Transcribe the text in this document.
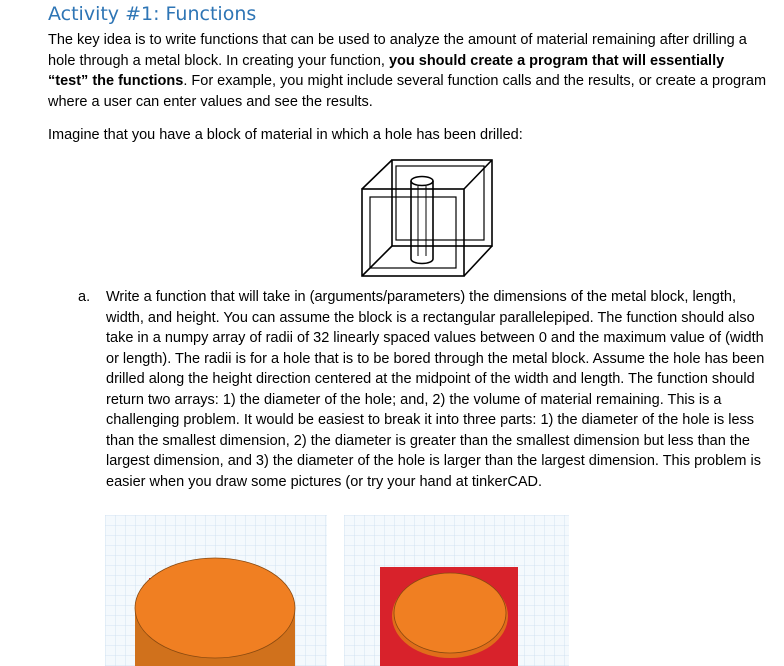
Activity #1: Functions
The key idea is to write functions that can be used to analyze the amount of material remaining after drilling a hole through a metal block. In creating your function, you should create a program that will essentially “test” the functions. For example, you might include several function calls and the results, or create a program where a user can enter values and see the results.
Imagine that you have a block of material in which a hole has been drilled:
a. Write a function that will take in (arguments/parameters) the dimensions of the metal block, length, width, and height. You can assume the block is a rectangular parallelepiped. The function should also take in a numpy array of radii of 32 linearly spaced values between 0 and the maximum value of (width or length). The radii is for a hole that is to be bored through the metal block. Assume the hole has been drilled along the height direction centered at the midpoint of the width and length. The function should return two arrays: 1) the diameter of the hole; and, 2) the volume of material remaining. This is a challenging problem. It would be easiest to break it into three parts: 1) the diameter of the hole is less than the smallest dimension, 2) the diameter is greater than the smallest dimension but less than the largest dimension, and 3) the diameter of the hole is larger than the largest dimension. This problem is easier when you draw some pictures (or try your hand at tinkerCAD.
